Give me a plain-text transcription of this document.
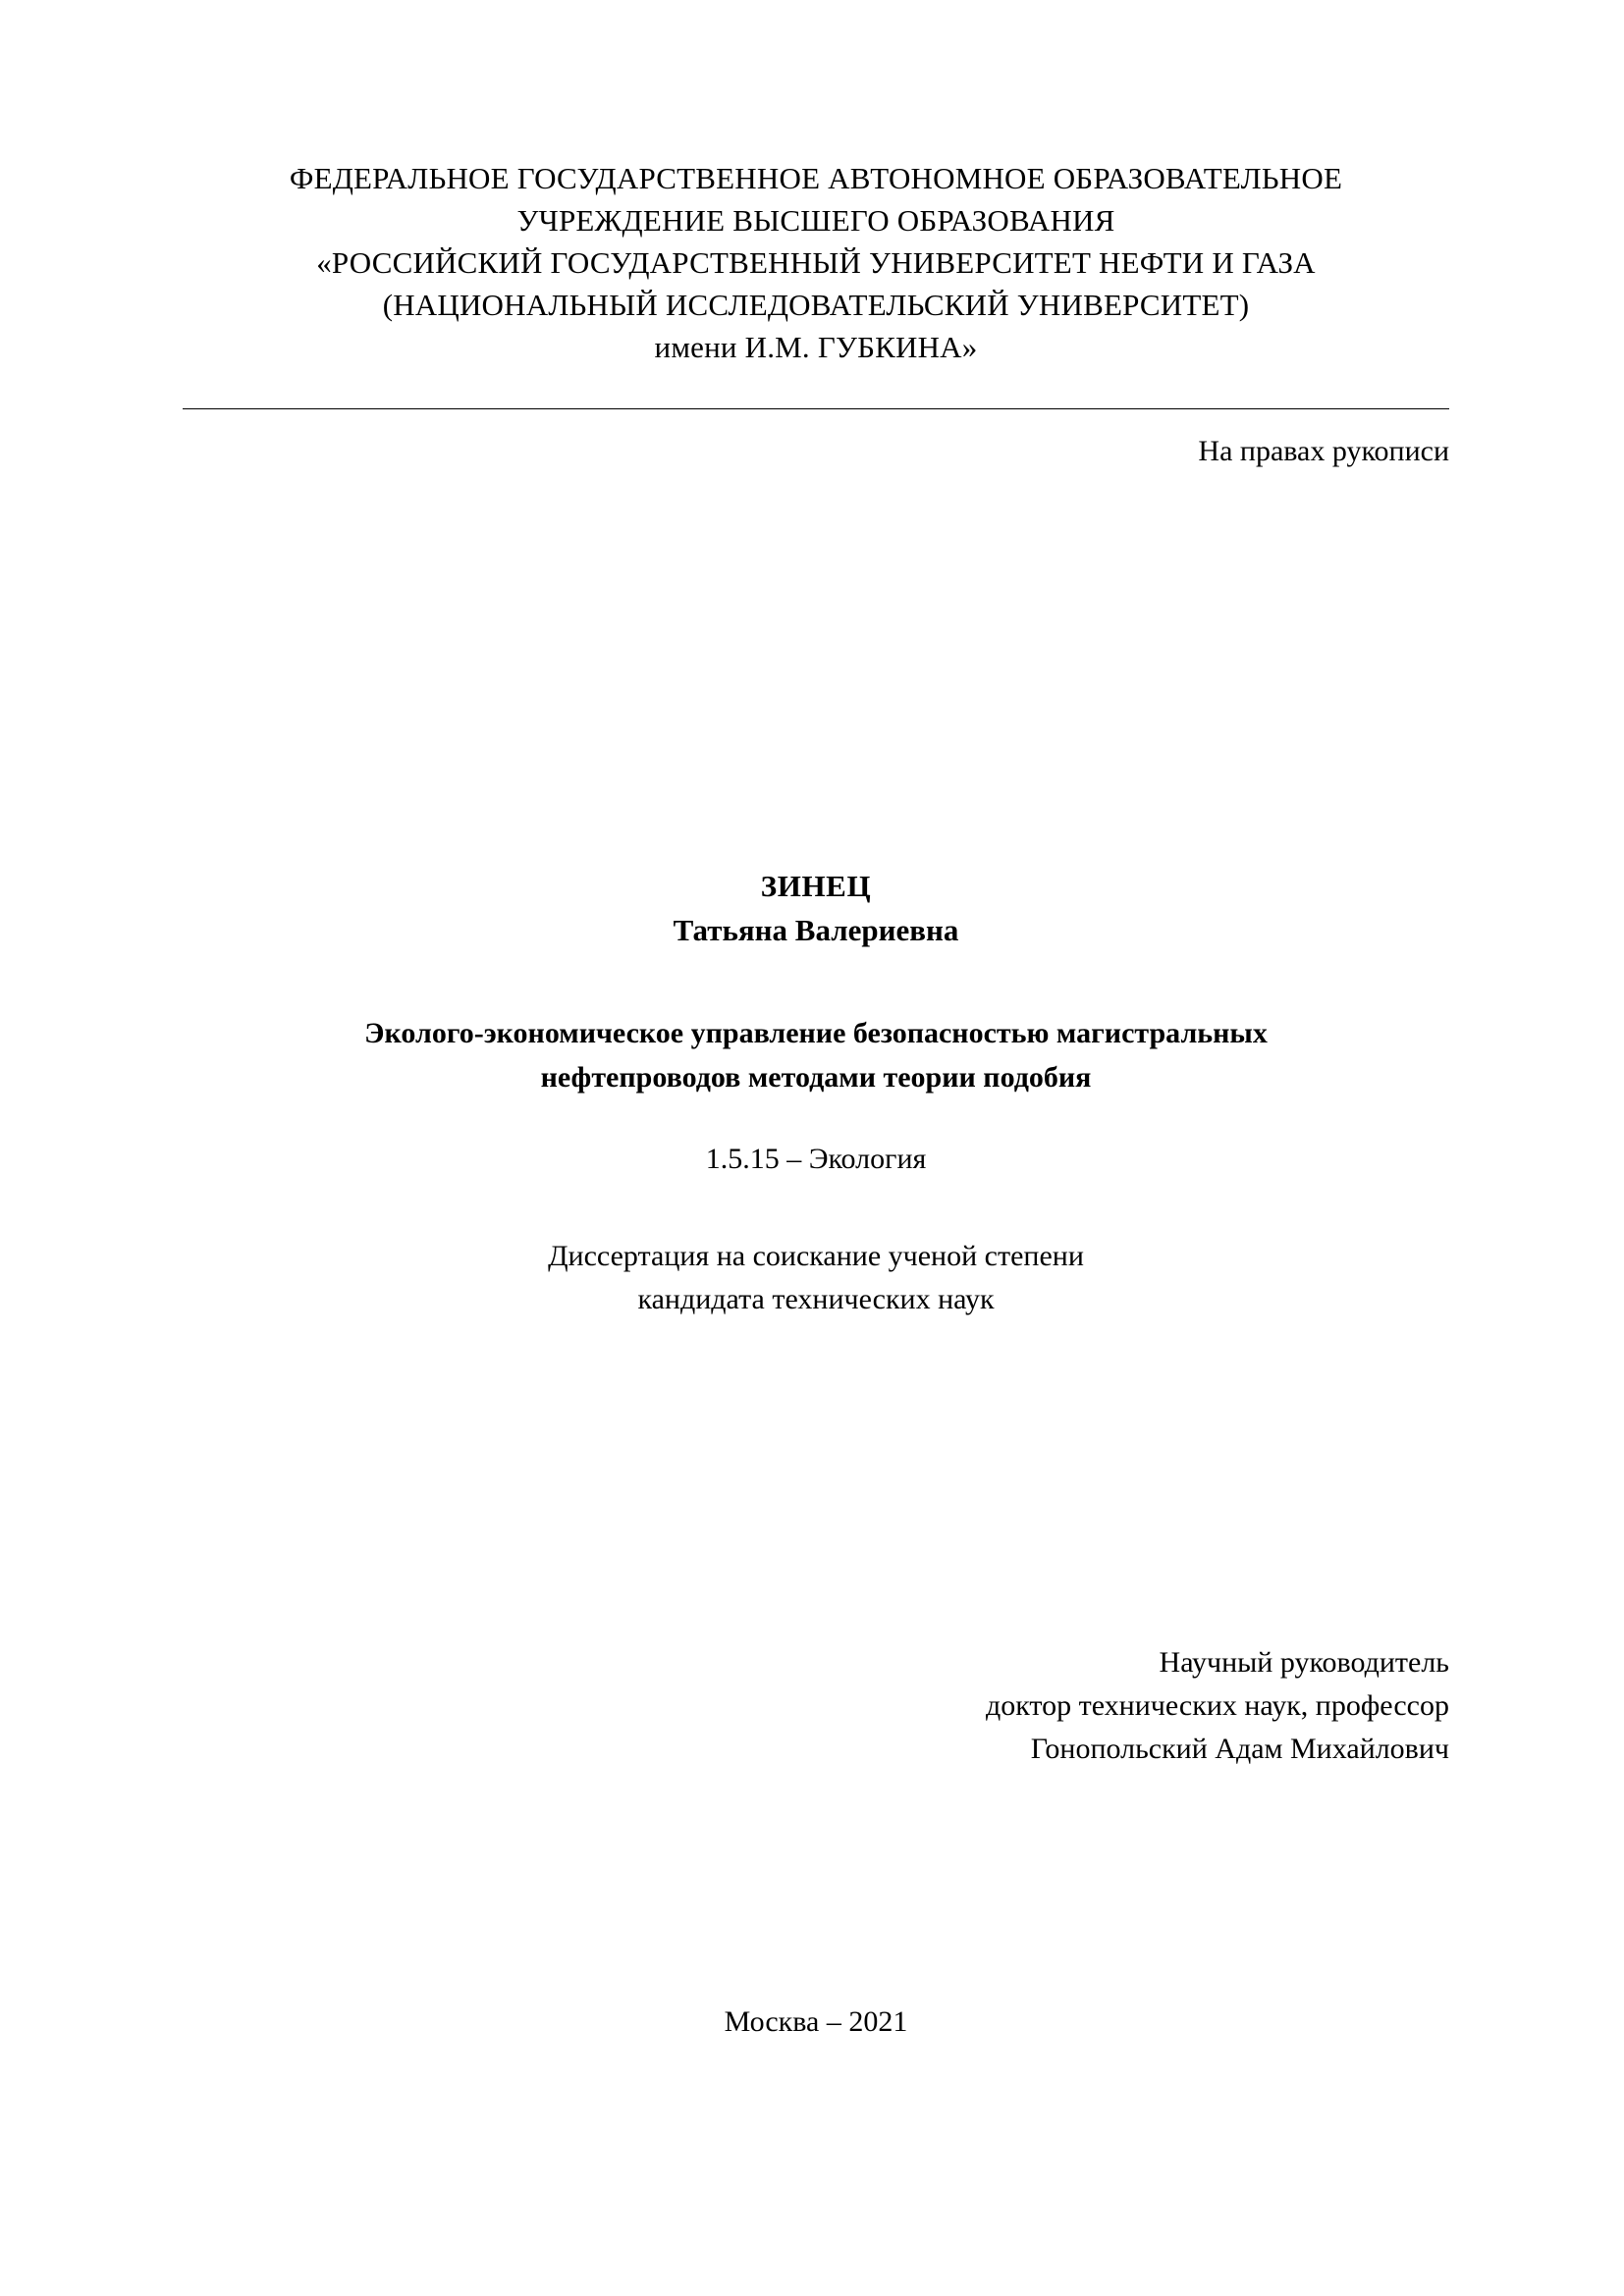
ФЕДЕРАЛЬНОЕ ГОСУДАРСТВЕННОЕ АВТОНОМНОЕ ОБРАЗОВАТЕЛЬНОЕ
УЧРЕЖДЕНИЕ ВЫСШЕГО ОБРАЗОВАНИЯ
«РОССИЙСКИЙ ГОСУДАРСТВЕННЫЙ УНИВЕРСИТЕТ НЕФТИ И ГАЗА
(НАЦИОНАЛЬНЫЙ ИССЛЕДОВАТЕЛЬСКИЙ УНИВЕРСИТЕТ)
имени И.М. ГУБКИНА»
На правах рукописи
ЗИНЕЦ
Татьяна Валериевна
Эколого-экономическое управление безопасностью магистральных
нефтепроводов методами теории подобия
1.5.15 – Экология
Диссертация на соискание ученой степени
кандидата технических наук
Научный руководитель
доктор технических наук, профессор
Гонопольский Адам Михайлович
Москва – 2021
